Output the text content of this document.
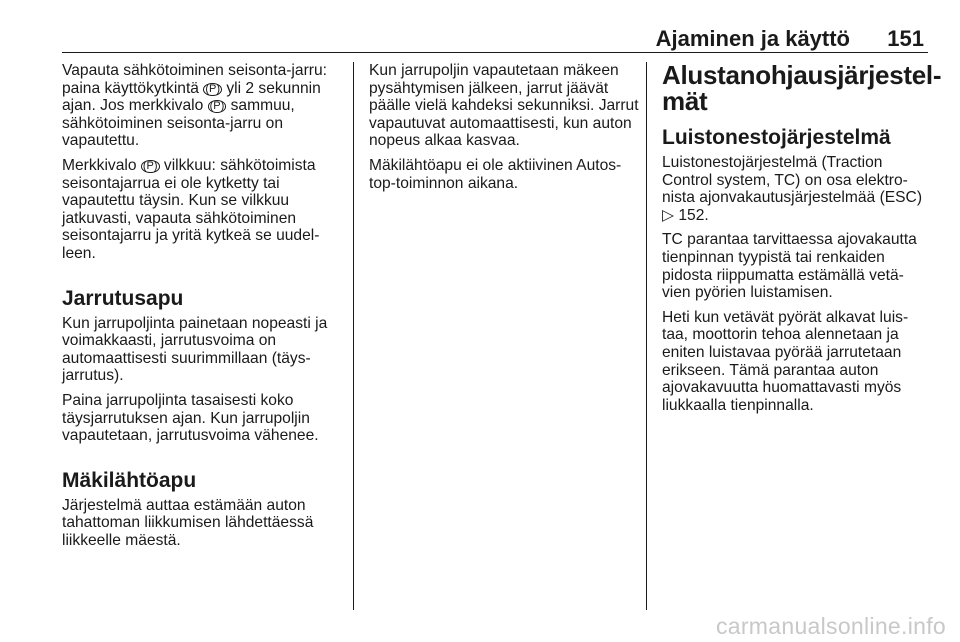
Ajaminen ja käyttö 151

Vapauta sähkötoiminen seisonta-jarru: paina käyttökytkintä (P) yli 2 sekunnin ajan. Jos merkkivalo (P) sammuu, sähkötoiminen seisonta-jarru on vapautettu.

Merkkivalo (P) vilkkuu: sähkötoimista seisontajarrua ei ole kytketty tai vapautettu täysin. Kun se vilkkuu jatkuvasti, vapauta sähkötoiminen seisontajarru ja yritä kytkeä se uudel-leen.

Jarrutusapu

Kun jarrupoljinta painetaan nopeasti ja voimakkaasti, jarrutusvoima on automaattisesti suurimmillaan (täys-jarrutus).

Paina jarrupoljinta tasaisesti koko täysjarrutuksen ajan. Kun jarrupoljin vapautetaan, jarrutusvoima vähenee.

Mäkilähtöapu

Järjestelmä auttaa estämään auton tahattoman liikkumisen lähdettäessä liikkeelle mäestä.

Kun jarrupoljin vapautetaan mäkeen pysähtymisen jälkeen, jarrut jäävät päälle vielä kahdeksi sekunniksi. Jarrut vapautuvat automaattisesti, kun auton nopeus alkaa kasvaa.

Mäkilähtöapu ei ole aktiivinen Autos-top-toiminnon aikana.

Alustanohjausjärjestel-mät
Luistonestojärjestelmä

Luistonestojärjestelmä (Traction Control system, TC) on osa elektro-nista ajonvakautusjärjestelmää (ESC) ▷ 152.

TC parantaa tarvittaessa ajovakautta tienpinnan tyypistä tai renkaiden pidosta riippumatta estämällä vetä-vien pyörien luistamisen.

Heti kun vetävät pyörät alkavat luis-taa, moottorin tehoa alennetaan ja eniten luistavaa pyörää jarrutetaan erikseen. Tämä parantaa auton ajovakavuutta huomattavasti myös liukkaalla tienpinnalla.

carmanualsonline.info
